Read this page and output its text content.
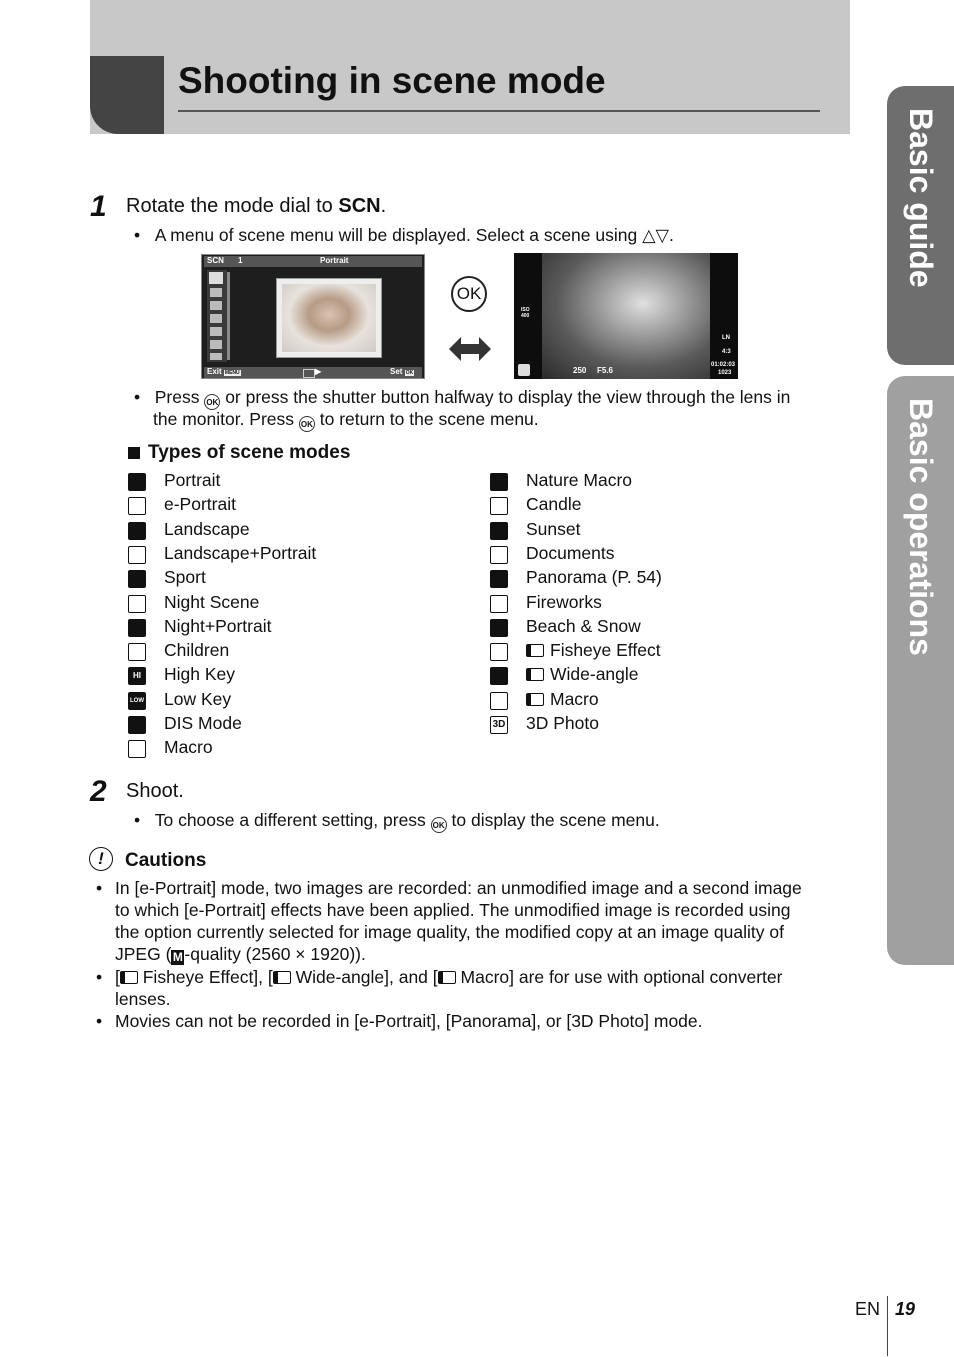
Shooting in scene mode
Basic guide
Basic operations
1 Rotate the mode dial to SCN.
•   A menu of scene menu will be displayed. Select a scene using △▽.
SCN 1	Portrait
Exit MENU	▶	Set OK
OK
ISO
400
250 F5.6
LN
4:3
01:02:03
1023
•   Press OK or press the shutter button halfway to display the view through the lens in
the monitor. Press OK to return to the scene menu.
Types of scene modes
Portrait
e-Portrait
Landscape
Landscape+Portrait
Sport
Night Scene
Night+Portrait
Children
HI High Key
LOW Low Key
DIS Mode
Macro
Nature Macro
Candle
Sunset
Documents
Panorama (P. 54)
Fireworks
Beach & Snow
Fisheye Effect
Wide-angle
Macro
3D 3D Photo
2 Shoot.
•   To choose a different setting, press OK to display the scene menu.
!	Cautions
• In [e-Portrait] mode, two images are recorded: an unmodified image and a second image
to which [e-Portrait] effects have been applied. The unmodified image is recorded using
the option currently selected for image quality, the modified copy at an image quality of
JPEG ( M-quality (2560 × 1920)).
• [ Fisheye Effect], [ Wide-angle], and [ Macro] are for use with optional converter
lenses.
• Movies can not be recorded in [e-Portrait], [Panorama], or [3D Photo] mode.
EN 19
